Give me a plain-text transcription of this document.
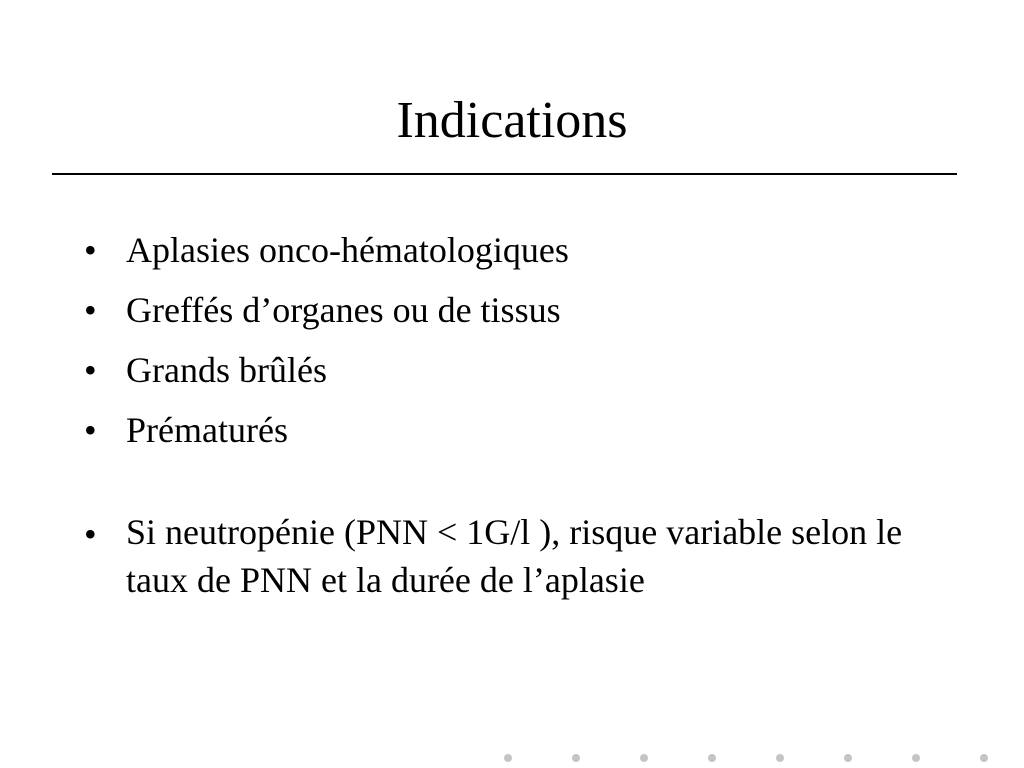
Indications
• Aplasies onco-hématologiques
• Greffés d’organes ou de tissus
• Grands brûlés
• Prématurés
• Si neutropénie (PNN < 1G/l ), risque variable selon le taux de PNN et la durée de l’aplasie
